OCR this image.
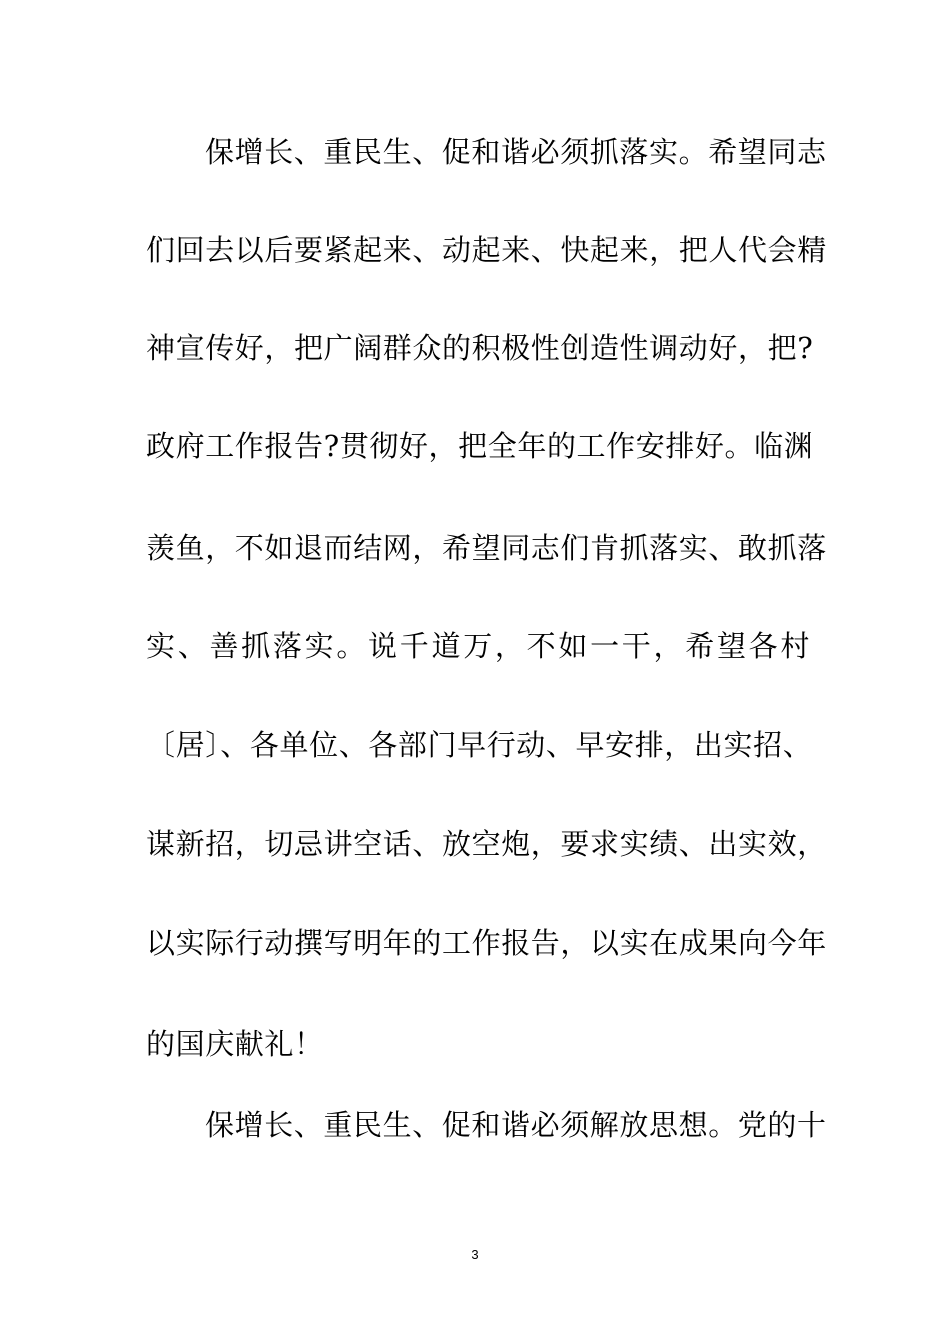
保增长、重民生、促和谐必须抓落实。希望同志
们回去以后要紧起来、动起来、快起来，把人代会精
神宣传好，把广阔群众的积极性创造性调动好，把?
政府工作报告?贯彻好，把全年的工作安排好。临渊
羡鱼，不如退而结网，希望同志们肯抓落实、敢抓落
实、善抓落实。说千道万，不如一干，希望各村
〔居〕、各单位、各部门早行动、早安排，出实招、
谋新招，切忌讲空话、放空炮，要求实绩、出实效，
以实际行动撰写明年的工作报告，以实在成果向今年
的国庆献礼！
保增长、重民生、促和谐必须解放思想。党的十
3
